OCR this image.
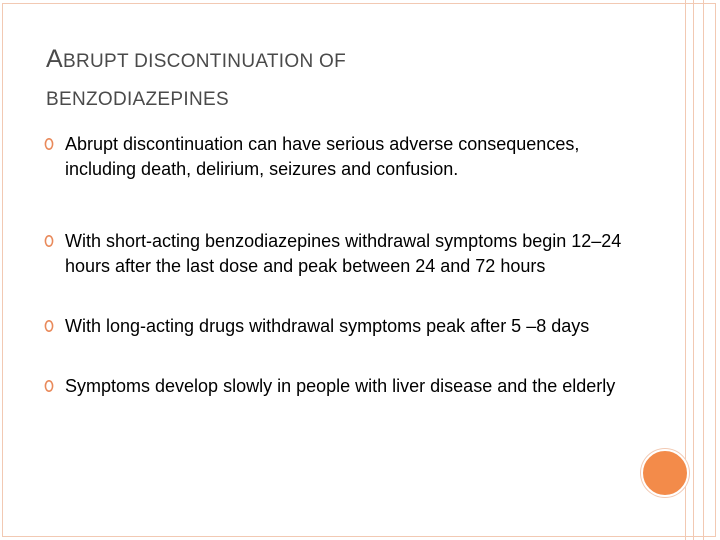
ABRUPT DISCONTINUATION OF
BENZODIAZEPINES
Abrupt discontinuation can have serious adverse consequences, including death, delirium, seizures and confusion.
With short-acting benzodiazepines withdrawal symptoms begin 12–24 hours after the last dose and peak between 24 and 72 hours
With long-acting drugs withdrawal symptoms peak after 5 –8 days
Symptoms develop slowly in people with liver disease and the elderly
